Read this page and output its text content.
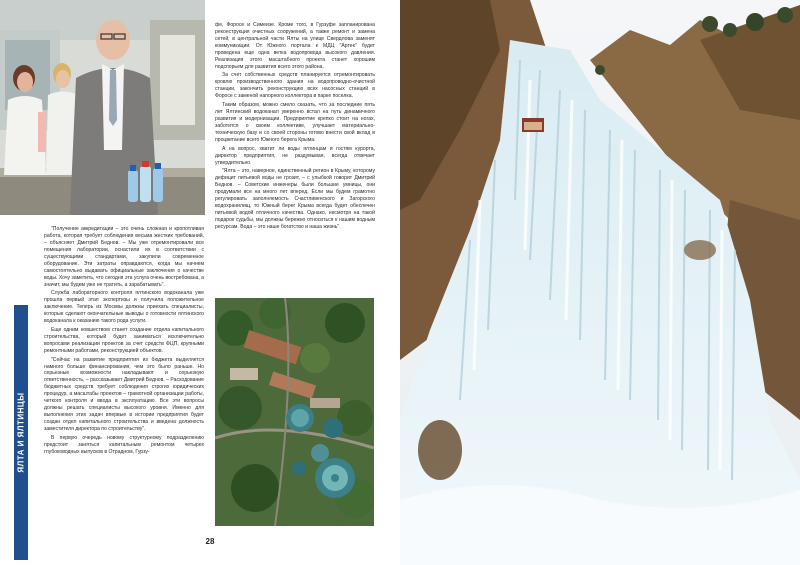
"Получение аккредитации – это очень сложная и кропотливая работа, которая требует соблюдения весьма жестких требований, – объясняет Дмитрий Беднов. – Мы уже отремонтировали все помещения лаборатории, оснастили их в соответствии с существующими стандартами, закупили современное оборудование. Эти затраты оправдаются, когда мы начнем самостоятельно выдавать официальные заключения о качестве воды. Хочу заметить, что сегодня эта услуга очень востребована, а значит, мы будем уже не тратить, а зарабатывать".

Служба лабораторного контроля ялтинского водоканала уже прошла первый этап экспертизы и получила положительное заключение. Теперь из Москвы должны приехать специалисты, которые сделают окончательные выводы о готовности ялтинского водоканала к оказанию такого рода услуги.

Еще одним новшеством станет создание отдела капитального строительства, который будет заниматься исключительно вопросами реализации проектов за счет средств ФЦП, крупными ремонтными работами, реконструкцией объектов.

"Сейчас на развитие предприятия из бюджета выделяется намного больше финансирования, чем это было раньше. Но серьезные возможности накладывают и серьезную ответственность, – рассказывает Дмитрий Беднов. – Расходование бюджетных средств требует соблюдения строгих юридических процедур, а масштабы проектов – грамотной организации работы, четкого контроля и ввода в эксплуатацию. Все эти вопросы должны решать специалисты высокого уровня. Именно для выполнения этих задач впервые в истории предприятия будет создан отдел капитального строительства и введена должность заместителя директора по строительству".

В первую очередь новому структурному подразделению предстоит заняться капитальным ремонтом четырех глубоководных выпусков в Отрадном, Гурзу-

фе, Форосе и Симеизе. Кроме того, в Гурзуфе запланирована реконструкция очистных сооружений, а также ремонт и замена сетей, в центральной части Ялты на улице Свердлова заменят коммуникации. От Южного портала к МДЦ "Артек" будет проведена еще одна ветка водопровода высокого давления. Реализация этого масштабного проекта станет хорошим подспорьем для развития всего этого района.

За счет собственных средств планируется отремонтировать кровлю производственного здания на водопроводно-очистной станции, закончить реконструкцию всех насосных станций в Форосе с заменой напорного коллектора в парке поселка.

Таким образом, можно смело сказать, что за последние пять лет Ялтинский водоканал уверенно встал на путь динамичного развития и модернизации. Предприятие крепко стоит на ногах, заботится о своем коллективе, улучшает материально-техническую базу и со своей стороны готово внести свой вклад в процветание всего Южного берега Крыма.

А на вопрос, хватит ли воды ялтинцам и гостям курорта, директор предприятия, не раздумывая, всегда отвечает утвердительно.

"Ялта – это, наверное, единственный регион в Крыму, которому дефицит питьевой воды не грозит, – с улыбкой говорит Дмитрий Беднов. – Советские инженеры были большие умницы, они продумали все на много лет вперед. Если мы будем грамотно регулировать заполняемость Счастливенского и Загорского водохранилищ, то Южный берег Крыма всегда будет обеспечен питьевой водой отличного качества. Однако, несмотря на такой подарок судьбы, мы должны бережно относиться к нашим водным ресурсам. Вода – это наше богатство и наша жизнь".

ЯЛТА И ЯЛТИНЦЫ
28
